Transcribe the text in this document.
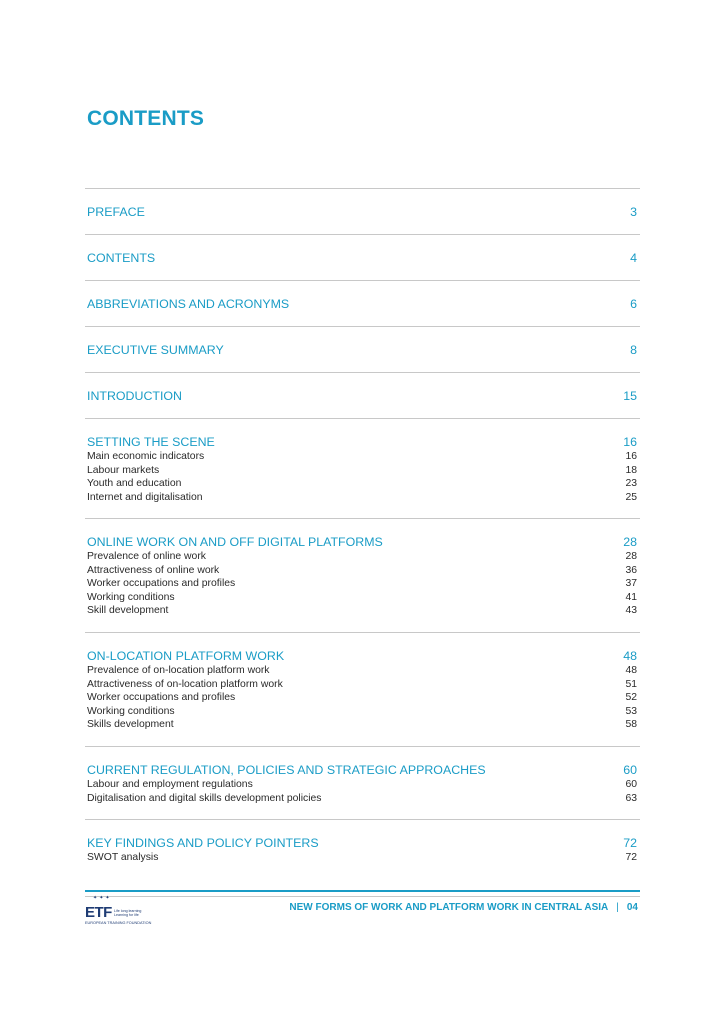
CONTENTS
PREFACE	3
CONTENTS	4
ABBREVIATIONS AND ACRONYMS	6
EXECUTIVE SUMMARY	8
INTRODUCTION	15
SETTING THE SCENE	16
Main economic indicators	16
Labour markets	18
Youth and education	23
Internet and digitalisation	25
ONLINE WORK ON AND OFF DIGITAL PLATFORMS	28
Prevalence of online work	28
Attractiveness of online work	36
Worker occupations and profiles	37
Working conditions	41
Skill development	43
ON-LOCATION PLATFORM WORK	48
Prevalence of on-location platform work	48
Attractiveness of on-location platform work	51
Worker occupations and profiles	52
Working conditions	53
Skills development	58
CURRENT REGULATION, POLICIES AND STRATEGIC APPROACHES	60
Labour and employment regulations	60
Digitalisation and digital skills development policies	63
KEY FINDINGS AND POLICY POINTERS	72
SWOT analysis	72
✦✦✦
ETF Life long learning Learning for life
EUROPEAN TRAINING FOUNDATION
NEW FORMS OF WORK AND PLATFORM WORK IN CENTRAL ASIA | 04
